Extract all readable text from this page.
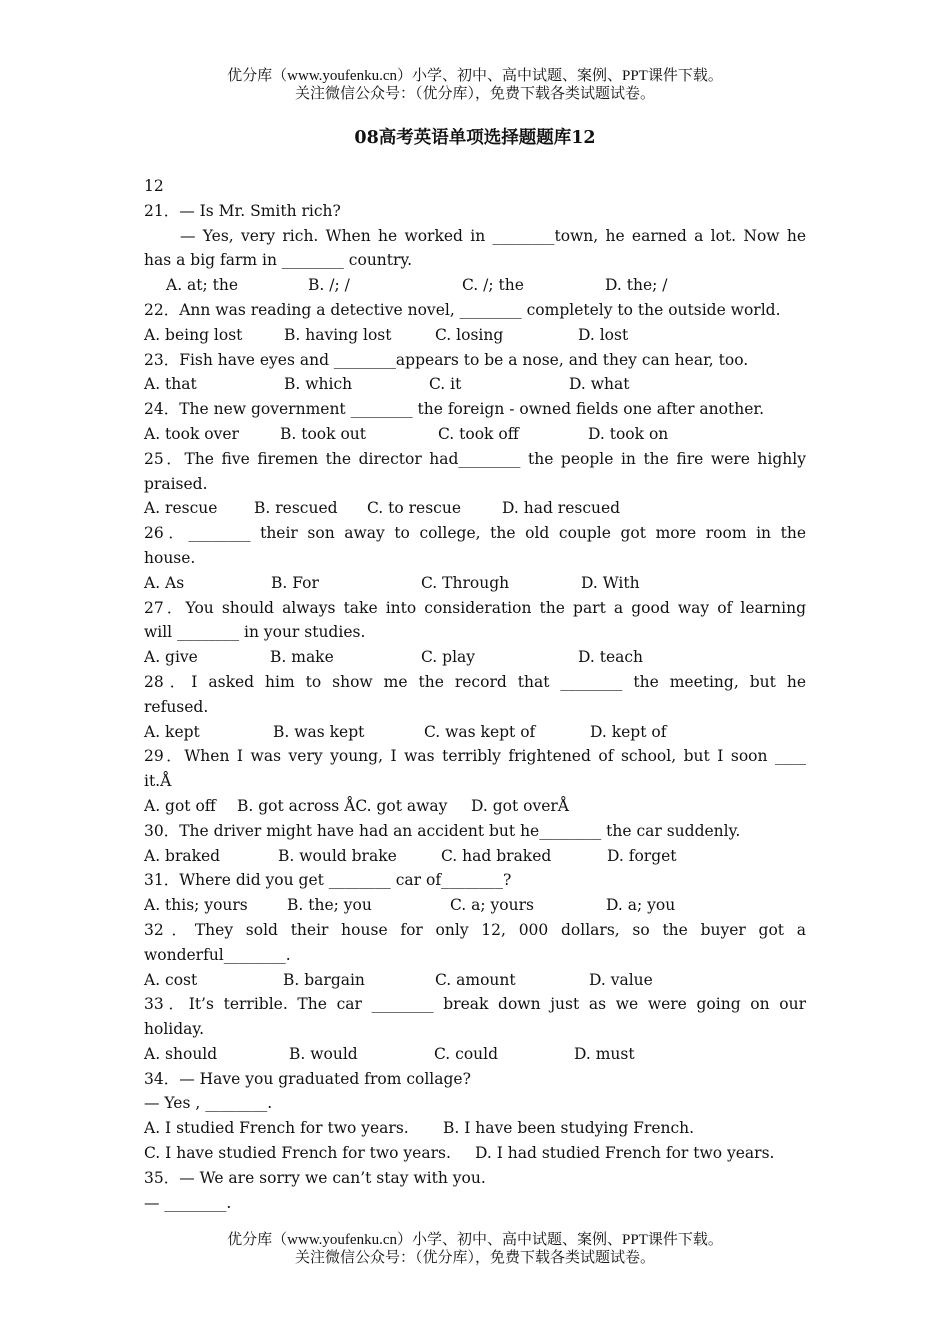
优分库（www.youfenku.cn）小学、初中、高中试题、案例、PPT课件下载。
关注微信公众号：（优分库），免费下载各类试题试卷。
08高考英语单项选择题题库12
12
21．— Is Mr. Smith rich?
— Yes, very rich. When he worked in ________town, he earned a lot. Now he
has a big farm in ________ country.
A. at; the	B. /; /	C. /; the	D. the; /
22．Ann was reading a detective novel, ________ completely to the outside world.
A. being lost	B. having lost	C. losing	D. lost
23．Fish have eyes and ________appears to be a nose, and they can hear, too.
A. that	B. which	C. it	D. what
24．The new government ________ the foreign - owned fields one after another.
A. took over	B. took out	C. took off	D. took on
25．The five firemen the director had________ the people in the fire were highly
praised.
A. rescue	B. rescued	C. to rescue	D. had rescued
26．________ their son away to college, the old couple got more room in the
house.
A. As	B. For	C. Through	D. With
27．You should always take into consideration the part a good way of learning
will ________ in your studies.
A. give	B. make	C. play	D. teach
28．I asked him to show me the record that ________ the meeting, but he
refused.
A. kept	B. was kept	C. was kept of	D. kept of
29．When I was very young, I was terribly frightened of school, but I soon ____
it.Å
A. got off	B. got across ÅC. got away	D. got overÅ
30．The driver might have had an accident but he________ the car suddenly.
A. braked	B. would brake	C. had braked	D. forget
31．Where did you get ________ car of________?
A. this; yours	B. the; you	C. a; yours	D. a; you
32．They sold their house for only 12, 000 dollars, so the buyer got a
wonderful________.
A. cost	B. bargain	C. amount	D. value
33．It’s terrible. The car ________ break down just as we were going on our
holiday.
A. should	B. would	C. could	D. must
34．— Have you graduated from collage?
— Yes , ________.
A. I studied French for two years.	B. I have been studying French.
C. I have studied French for two years.	D. I had studied French for two years.
35．— We are sorry we can’t stay with you.
— ________.
优分库（www.youfenku.cn）小学、初中、高中试题、案例、PPT课件下载。
关注微信公众号：（优分库），免费下载各类试题试卷。
